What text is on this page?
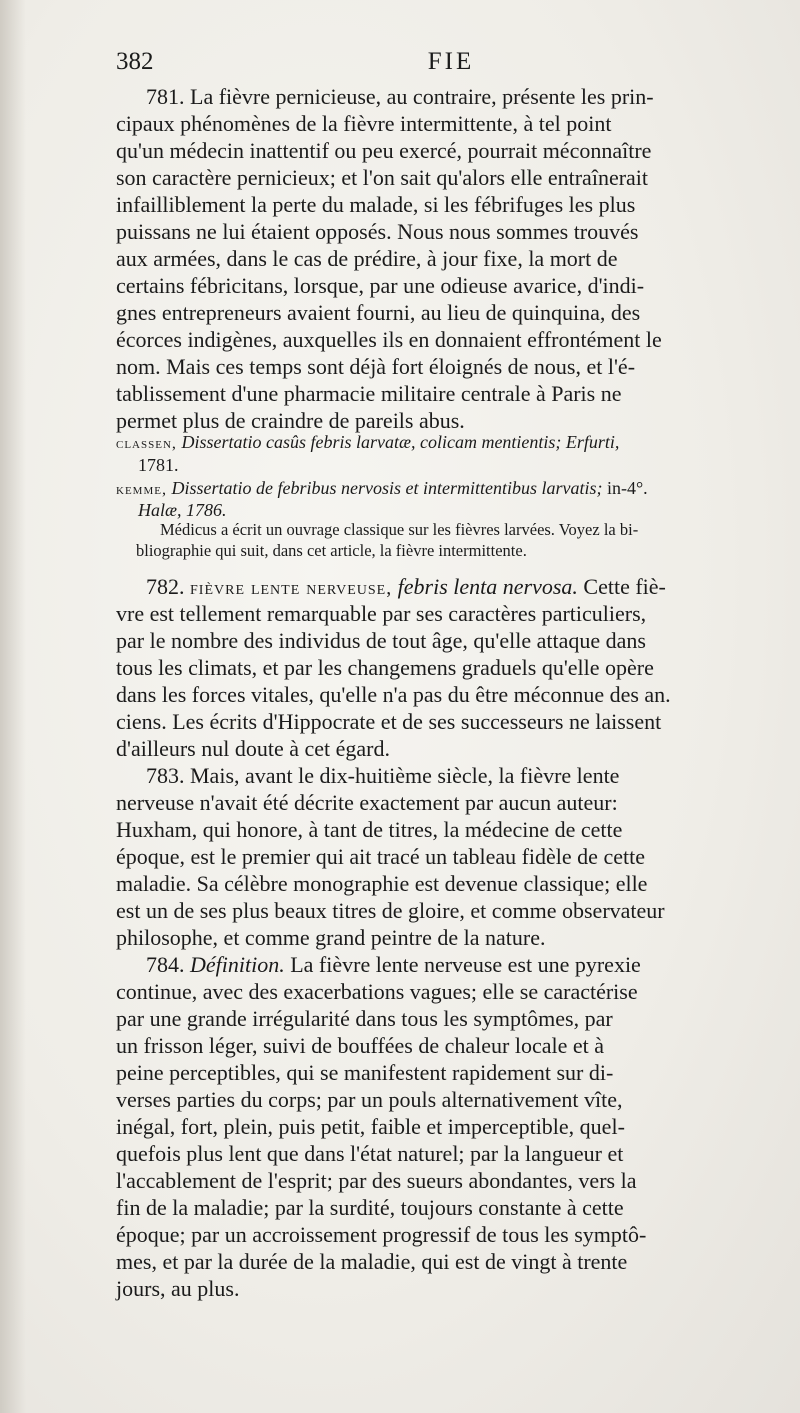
382	FIE
781. La fièvre pernicieuse, au contraire, présente les prin-
cipaux phénomènes de la fièvre intermittente, à tel point
qu'un médecin inattentif ou peu exercé, pourrait méconnaître
son caractère pernicieux; et l'on sait qu'alors elle entraînerait
infailliblement la perte du malade, si les fébrifuges les plus
puissans ne lui étaient opposés. Nous nous sommes trouvés
aux armées, dans le cas de prédire, à jour fixe, la mort de
certains fébricitans, lorsque, par une odieuse avarice, d'indi-
gnes entrepreneurs avaient fourni, au lieu de quinquina, des
écorces indigènes, auxquelles ils en donnaient effrontément le
nom. Mais ces temps sont déjà fort éloignés de nous, et l'é-
tablissement d'une pharmacie militaire centrale à Paris ne
permet plus de craindre de pareils abus.
classen, Dissertatio casûs febris larvatæ, colicam mentientis; Erfurti,
1781.
kemme, Dissertatio de febribus nervosis et intermittentibus larvatis; in-4°.
Halæ, 1786.
Médicus a écrit un ouvrage classique sur les fièvres larvées. Voyez la bi-
bliographie qui suit, dans cet article, la fièvre intermittente.
782. fièvre lente nerveuse, febris lenta nervosa. Cette fiè-
vre est tellement remarquable par ses caractères particuliers,
par le nombre des individus de tout âge, qu'elle attaque dans
tous les climats, et par les changemens graduels qu'elle opère
dans les forces vitales, qu'elle n'a pas du être méconnue des an.
ciens. Les écrits d'Hippocrate et de ses successeurs ne laissent
d'ailleurs nul doute à cet égard.
783. Mais, avant le dix-huitième siècle, la fièvre lente
nerveuse n'avait été décrite exactement par aucun auteur:
Huxham, qui honore, à tant de titres, la médecine de cette
époque, est le premier qui ait tracé un tableau fidèle de cette
maladie. Sa célèbre monographie est devenue classique; elle
est un de ses plus beaux titres de gloire, et comme observateur
philosophe, et comme grand peintre de la nature.
784. Définition. La fièvre lente nerveuse est une pyrexie
continue, avec des exacerbations vagues; elle se caractérise
par une grande irrégularité dans tous les symptômes, par
un frisson léger, suivi de bouffées de chaleur locale et à
peine perceptibles, qui se manifestent rapidement sur di-
verses parties du corps; par un pouls alternativement vîte,
inégal, fort, plein, puis petit, faible et imperceptible, quel-
quefois plus lent que dans l'état naturel; par la langueur et
l'accablement de l'esprit; par des sueurs abondantes, vers la
fin de la maladie; par la surdité, toujours constante à cette
époque; par un accroissement progressif de tous les symptô-
mes, et par la durée de la maladie, qui est de vingt à trente
jours, au plus.
